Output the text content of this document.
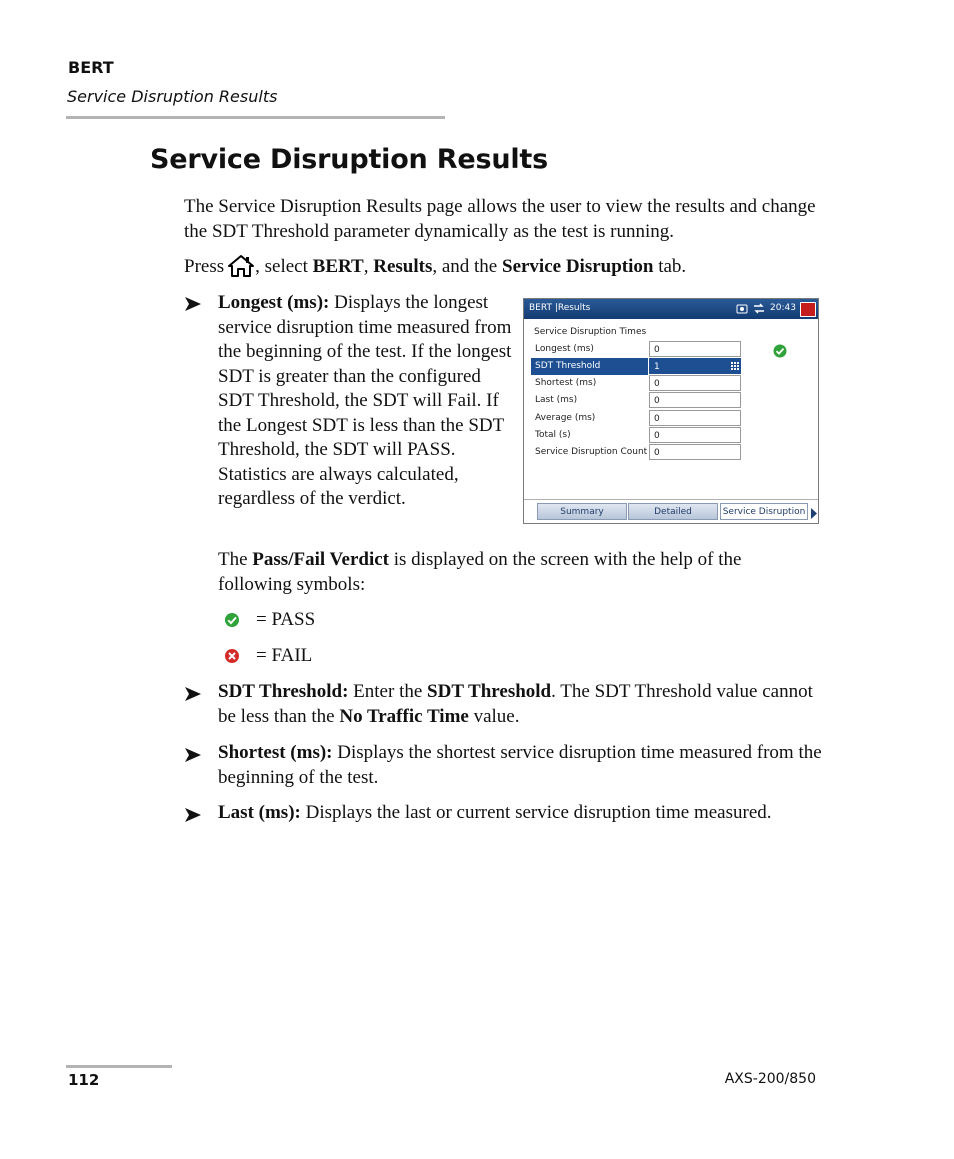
BERT
Service Disruption Results
Service Disruption Results
The Service Disruption Results page allows the user to view the results and change the SDT Threshold parameter dynamically as the test is running.
Press , select
BERT ,
Results , and the
Service Disruption
tab.
Longest (ms): Displays the longest service disruption time measured from the beginning of the test. If the longest SDT is greater than the configured SDT Threshold, the SDT will Fail. If the Longest SDT is less than the SDT Threshold, the SDT will PASS. Statistics are always calculated, regardless of the verdict.
BERT |Results	20:43
Service Disruption Times
Longest (ms)	0
SDT Threshold	1
Shortest (ms)	0
Last (ms)	0
Average (ms)	0
Total (s)	0
Service Disruption Count 0
Summary	Detailed	Service Disruption
The Pass/Fail Verdict is displayed on the screen with the help of the following symbols:
= PASS
= FAIL
SDT Threshold: Enter the SDT Threshold. The SDT Threshold value cannot be less than the No Traffic Time value.
Shortest (ms): Displays the shortest service disruption time measured from the beginning of the test.
Last (ms): Displays the last or current service disruption time measured.
112	AXS-200/850
